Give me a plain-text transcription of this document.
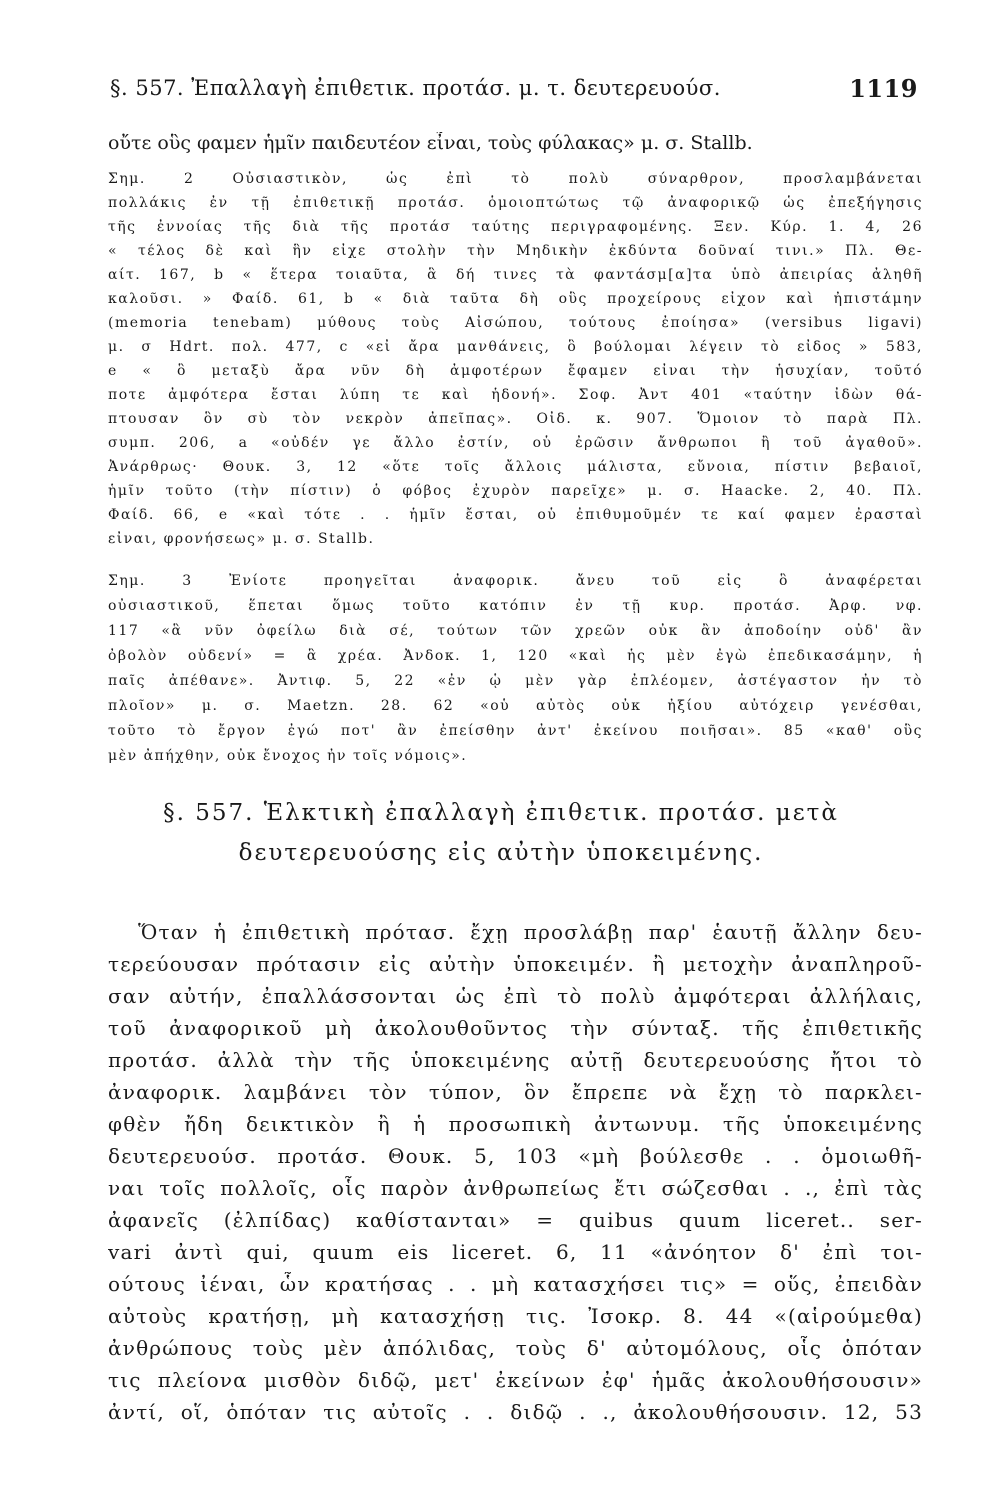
§. 557. Ἐπαλλαγὴ ἐπιθετικ. προτάσ. μ. τ. δευτερευούσ.	1119
οὔτε οὓς φαμεν ἡμῖν παιδευτέον εἶναι, τοὺς φύλακας» μ. σ. Stallb.
Σημ. 2 Οὐσιαστικὸν, ὡς ἐπὶ τὸ πολὺ σύναρθρον, προσλαμβάνεται
πολλάκις ἐν τῇ ἐπιθετικῇ προτάσ. ὁμοιοπτώτως τῷ ἀναφορικῷ ὡς ἐπεξήγησις
τῆς ἐννοίας τῆς διὰ τῆς προτάσ ταύτης περιγραφομένης. Ξεν. Κύρ. 1. 4, 26
« τέλος δὲ καὶ ἣν εἶχε στολὴν τὴν Μηδικὴν ἐκδύντα δοῦναί τινι.» Πλ. Θε-
αίτ. 167, b « ἕτερα τοιαῦτα, ἃ δή τινες τὰ φαντάσμ[α]τα ὑπὸ ἀπειρίας ἀληθῆ
καλοῦσι. » Φαίδ. 61, b « διὰ ταῦτα δὴ οὓς προχείρους εἶχον καὶ ἠπιστάμην
(memoria tenebam) μύθους τοὺς Αἰσώπου, τούτους ἐποίησα» (versibus ligavi)
μ. σ Hdrt. πολ. 477, c «εἰ ἄρα μανθάνεις, ὃ βούλομαι λέγειν τὸ εἶδος » 583,
e « ὃ μεταξὺ ἄρα νῦν δὴ ἀμφοτέρων ἔφαμεν εἶναι τὴν ἡσυχίαν, τοῦτό
ποτε ἀμφότερα ἔσται λύπη τε καὶ ἡδονή». Σοφ. Ἀντ 401 «ταύτην ἰδὼν θά-
πτουσαν ὃν σὺ τὸν νεκρὸν ἀπεῖπας». Οἰδ. κ. 907. Ὅμοιον τὸ παρὰ Πλ.
συμπ. 206, a «οὐδέν γε ἄλλο ἐστίν, οὗ ἐρῶσιν ἄνθρωποι ἢ τοῦ ἀγαθοῦ».
Ἀνάρθρως· Θουκ. 3, 12 «ὅτε τοῖς ἄλλοις μάλιστα, εὔνοια, πίστιν βεβαιοῖ,
ἡμῖν τοῦτο (τὴν πίστιν) ὁ φόβος ἐχυρὸν παρεῖχε» μ. σ. Haacke. 2, 40. Πλ.
Φαίδ. 66, e «καὶ τότε . . ἡμῖν ἔσται, οὗ ἐπιθυμοῦμέν τε καί φαμεν ἐρασταὶ
εἶναι, φρονήσεως» μ. σ. Stallb.
Σημ. 3 Ἐνίοτε προηγεῖται ἀναφορικ. ἄνευ τοῦ εἰς ὃ ἀναφέρεται
οὐσιαστικοῦ, ἕπεται ὅμως τοῦτο κατόπιν ἐν τῇ κυρ. προτάσ. Ἀρφ. νφ.
117 «ἃ νῦν ὀφείλω διὰ σέ, τούτων τῶν χρεῶν οὐκ ἂν ἀποδοίην οὐδ' ἂν
ὀβολὸν οὐδενί» = ἃ χρέα. Ἀνδοκ. 1, 120 «καὶ ἧς μὲν ἐγὼ ἐπεδικασάμην, ἡ
παῖς ἀπέθανε». Ἀντιφ. 5, 22 «ἐν ᾧ μὲν γὰρ ἐπλέομεν, ἀστέγαστον ἦν τὸ
πλοῖον» μ. σ. Maetzn. 28. 62 «οὗ αὐτὸς οὐκ ἠξίου αὐτόχειρ γενέσθαι,
τοῦτο τὸ ἔργον ἐγώ ποτ' ἂν ἐπείσθην ἀντ' ἐκείνου ποιῆσαι». 85 «καθ' οὓς
μὲν ἀπήχθην, οὐκ ἔνοχος ἦν τοῖς νόμοις».
§. 557. Ἑλκτικὴ ἐπαλλαγὴ ἐπιθετικ. προτάσ. μετὰ
δευτερευούσης εἰς αὐτὴν ὑποκειμένης.
Ὅταν ἡ ἐπιθετικὴ πρότασ. ἔχῃ προσλάβῃ παρ' ἑαυτῇ ἄλλην δευ-
τερεύουσαν πρότασιν εἰς αὐτὴν ὑποκειμέν. ἢ μετοχὴν ἀναπληροῦ-
σαν αὐτήν, ἐπαλλάσσονται ὡς ἐπὶ τὸ πολὺ ἀμφότεραι ἀλλήλαις,
τοῦ ἀναφορικοῦ μὴ ἀκολουθοῦντος τὴν σύνταξ. τῆς ἐπιθετικῆς
προτάσ. ἀλλὰ τὴν τῆς ὑποκειμένης αὐτῇ δευτερευούσης ἤτοι τὸ
ἀναφορικ. λαμβάνει τὸν τύπον, ὃν ἔπρεπε νὰ ἔχῃ τὸ παρκλει-
φθὲν ἤδη δεικτικὸν ἢ ἡ προσωπικὴ ἀντωνυμ. τῆς ὑποκειμένης
δευτερευούσ. προτάσ. Θουκ. 5, 103 «μὴ βούλεσθε . . ὁμοιωθῆ-
ναι τοῖς πολλοῖς, οἷς παρὸν ἀνθρωπείως ἔτι σώζεσθαι . ., ἐπὶ τὰς
ἀφανεῖς (ἐλπίδας) καθίστανται» = quibus quum liceret.. ser-
vari ἀντὶ qui, quum eis liceret. 6, 11 «ἀνόητον δ' ἐπὶ τοι-
ούτους ἰέναι, ὧν κρατήσας . . μὴ κατασχήσει τις» = οὕς, ἐπειδὰν
αὐτοὺς κρατήσῃ, μὴ κατασχήσῃ τις. Ἰσοκρ. 8. 44 «(αἱρούμεθα)
ἀνθρώπους τοὺς μὲν ἀπόλιδας, τοὺς δ' αὐτομόλους, οἷς ὁπόταν
τις πλείονα μισθὸν διδῷ, μετ' ἐκείνων ἐφ' ἡμᾶς ἀκολουθήσουσιν»
ἀντί, οἵ, ὁπόταν τις αὐτοῖς . . διδῷ . ., ἀκολουθήσουσιν. 12, 53
